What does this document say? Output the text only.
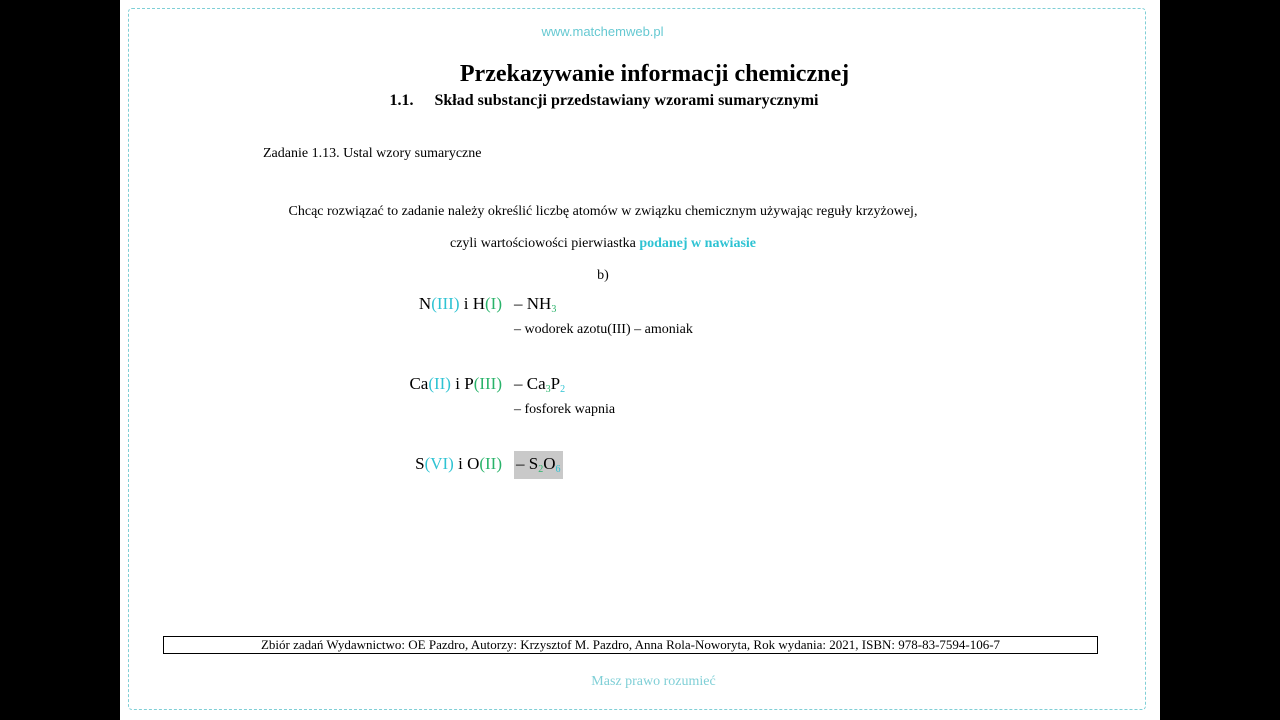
www.matchemweb.pl
Przekazywanie informacji chemicznej
1.1. Skład substancji przedstawiany wzorami sumarycznymi
Zadanie 1.13. Ustal wzory sumaryczne
Chcąc rozwiązać to zadanie należy określić liczbę atomów w związku chemicznym używając reguły krzyżowej,
czyli wartościowości pierwiastka podanej w nawiasie
b)
N(III) i $H(I) - NH_3$
– wodorek azotu(III) – amoniak
Ca(II) i $P(III) - Ca_3P_2$
– fosforek wapnia
S(VI) i $O(II) - S_2O_6$
Zbiór zadań Wydawnictwo: OE Pazdro, Autorzy: Krzysztof M. Pazdro, Anna Rola-Noworyta, Rok wydania: 2021, ISBN: 978-83-7594-106-7
Masz prawo rozumieć
